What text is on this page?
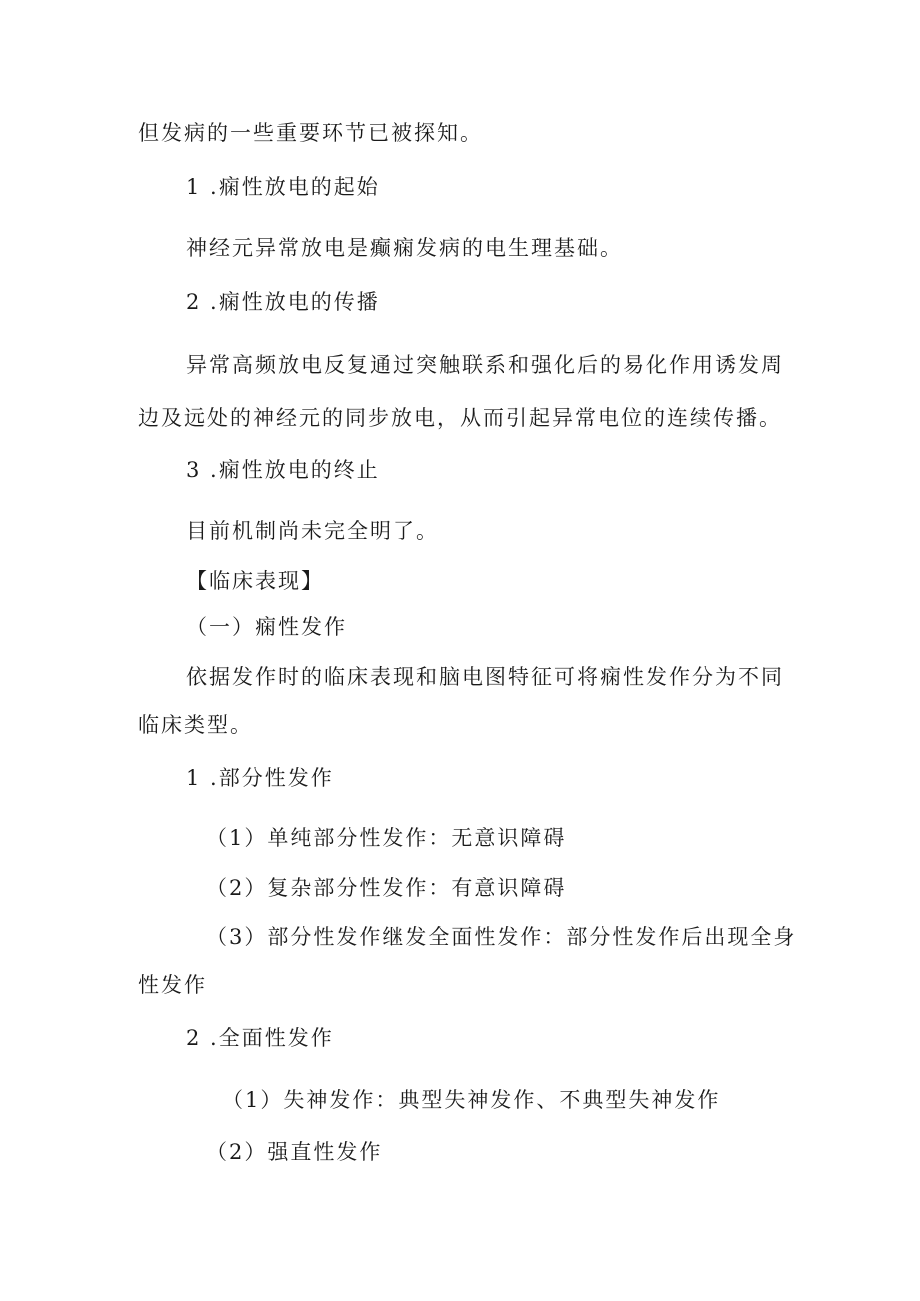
但发病的一些重要环节已被探知。
1 .痫性放电的起始
神经元异常放电是癫痫发病的电生理基础。
2 .痫性放电的传播
异常高频放电反复通过突触联系和强化后的易化作用诱发周
边及远处的神经元的同步放电，从而引起异常电位的连续传播。
3 .痫性放电的终止
目前机制尚未完全明了。
【临床表现】
（一）痫性发作
依据发作时的临床表现和脑电图特征可将痫性发作分为不同
临床类型。
1 .部分性发作
（1）单纯部分性发作：无意识障碍
（2）复杂部分性发作：有意识障碍
（3）部分性发作继发全面性发作：部分性发作后出现全身
性发作
2 .全面性发作
（1）失神发作：典型失神发作、不典型失神发作
（2）强直性发作
